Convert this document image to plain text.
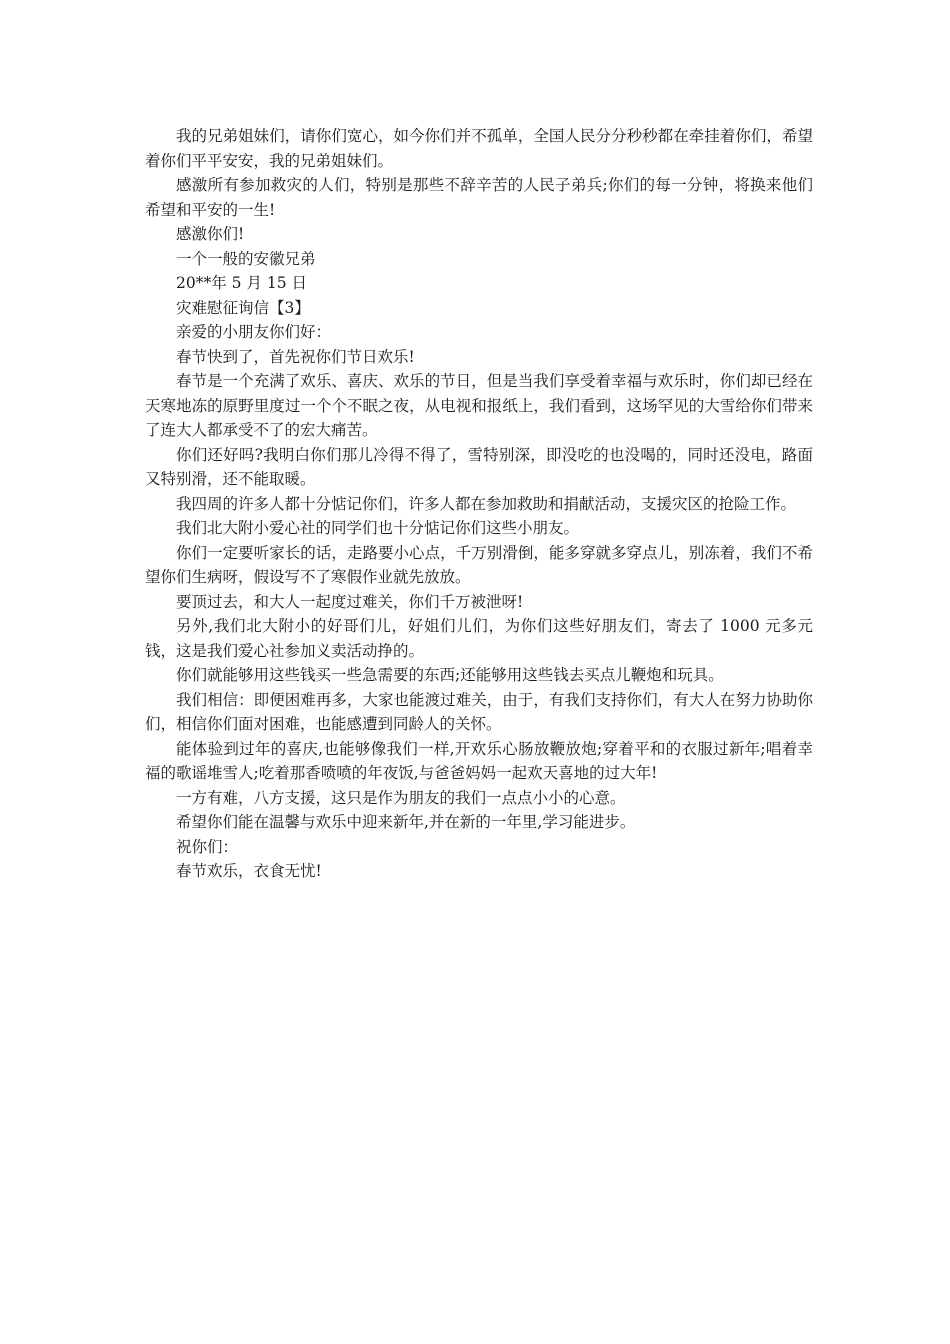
我的兄弟姐妹们，请你们宽心，如今你们并不孤单，全国人民分分秒秒都在牵挂着你们，希望着你们平平安安，我的兄弟姐妹们。

感激所有参加救灾的人们，特别是那些不辞辛苦的人民子弟兵;你们的每一分钟，将换来他们希望和平安的一生!

感激你们!

一个一般的安徽兄弟

20**年 5 月 15 日

灾难慰征询信【3】

亲爱的小朋友你们好：

春节快到了，首先祝你们节日欢乐!

春节是一个充满了欢乐、喜庆、欢乐的节日，但是当我们享受着幸福与欢乐时，你们却已经在天寒地冻的原野里度过一个个不眠之夜，从电视和报纸上，我们看到，这场罕见的大雪给你们带来了连大人都承受不了的宏大痛苦。

你们还好吗?我明白你们那儿冷得不得了，雪特别深，即没吃的也没喝的，同时还没电，路面又特别滑，还不能取暖。

我四周的许多人都十分惦记你们，许多人都在参加救助和捐献活动，支援灾区的抢险工作。

我们北大附小爱心社的同学们也十分惦记你们这些小朋友。

你们一定要听家长的话，走路要小心点，千万别滑倒，能多穿就多穿点儿，别冻着，我们不希望你们生病呀，假设写不了寒假作业就先放放。

要顶过去，和大人一起度过难关，你们千万被泄呀!

另外,我们北大附小的好哥们儿，好姐们儿们，为你们这些好朋友们，寄去了 1000 元多元钱，这是我们爱心社参加义卖活动挣的。

你们就能够用这些钱买一些急需要的东西;还能够用这些钱去买点儿鞭炮和玩具。

我们相信：即便困难再多，大家也能渡过难关，由于，有我们支持你们，有大人在努力协助你们，相信你们面对困难，也能感遭到同龄人的关怀。

能体验到过年的喜庆,也能够像我们一样,开欢乐心肠放鞭放炮;穿着平和的衣服过新年;唱着幸福的歌谣堆雪人;吃着那香喷喷的年夜饭,与爸爸妈妈一起欢天喜地的过大年!

一方有难，八方支援，这只是作为朋友的我们一点点小小的心意。

希望你们能在温馨与欢乐中迎来新年,并在新的一年里,学习能进步。

祝你们：

春节欢乐，衣食无忧!
